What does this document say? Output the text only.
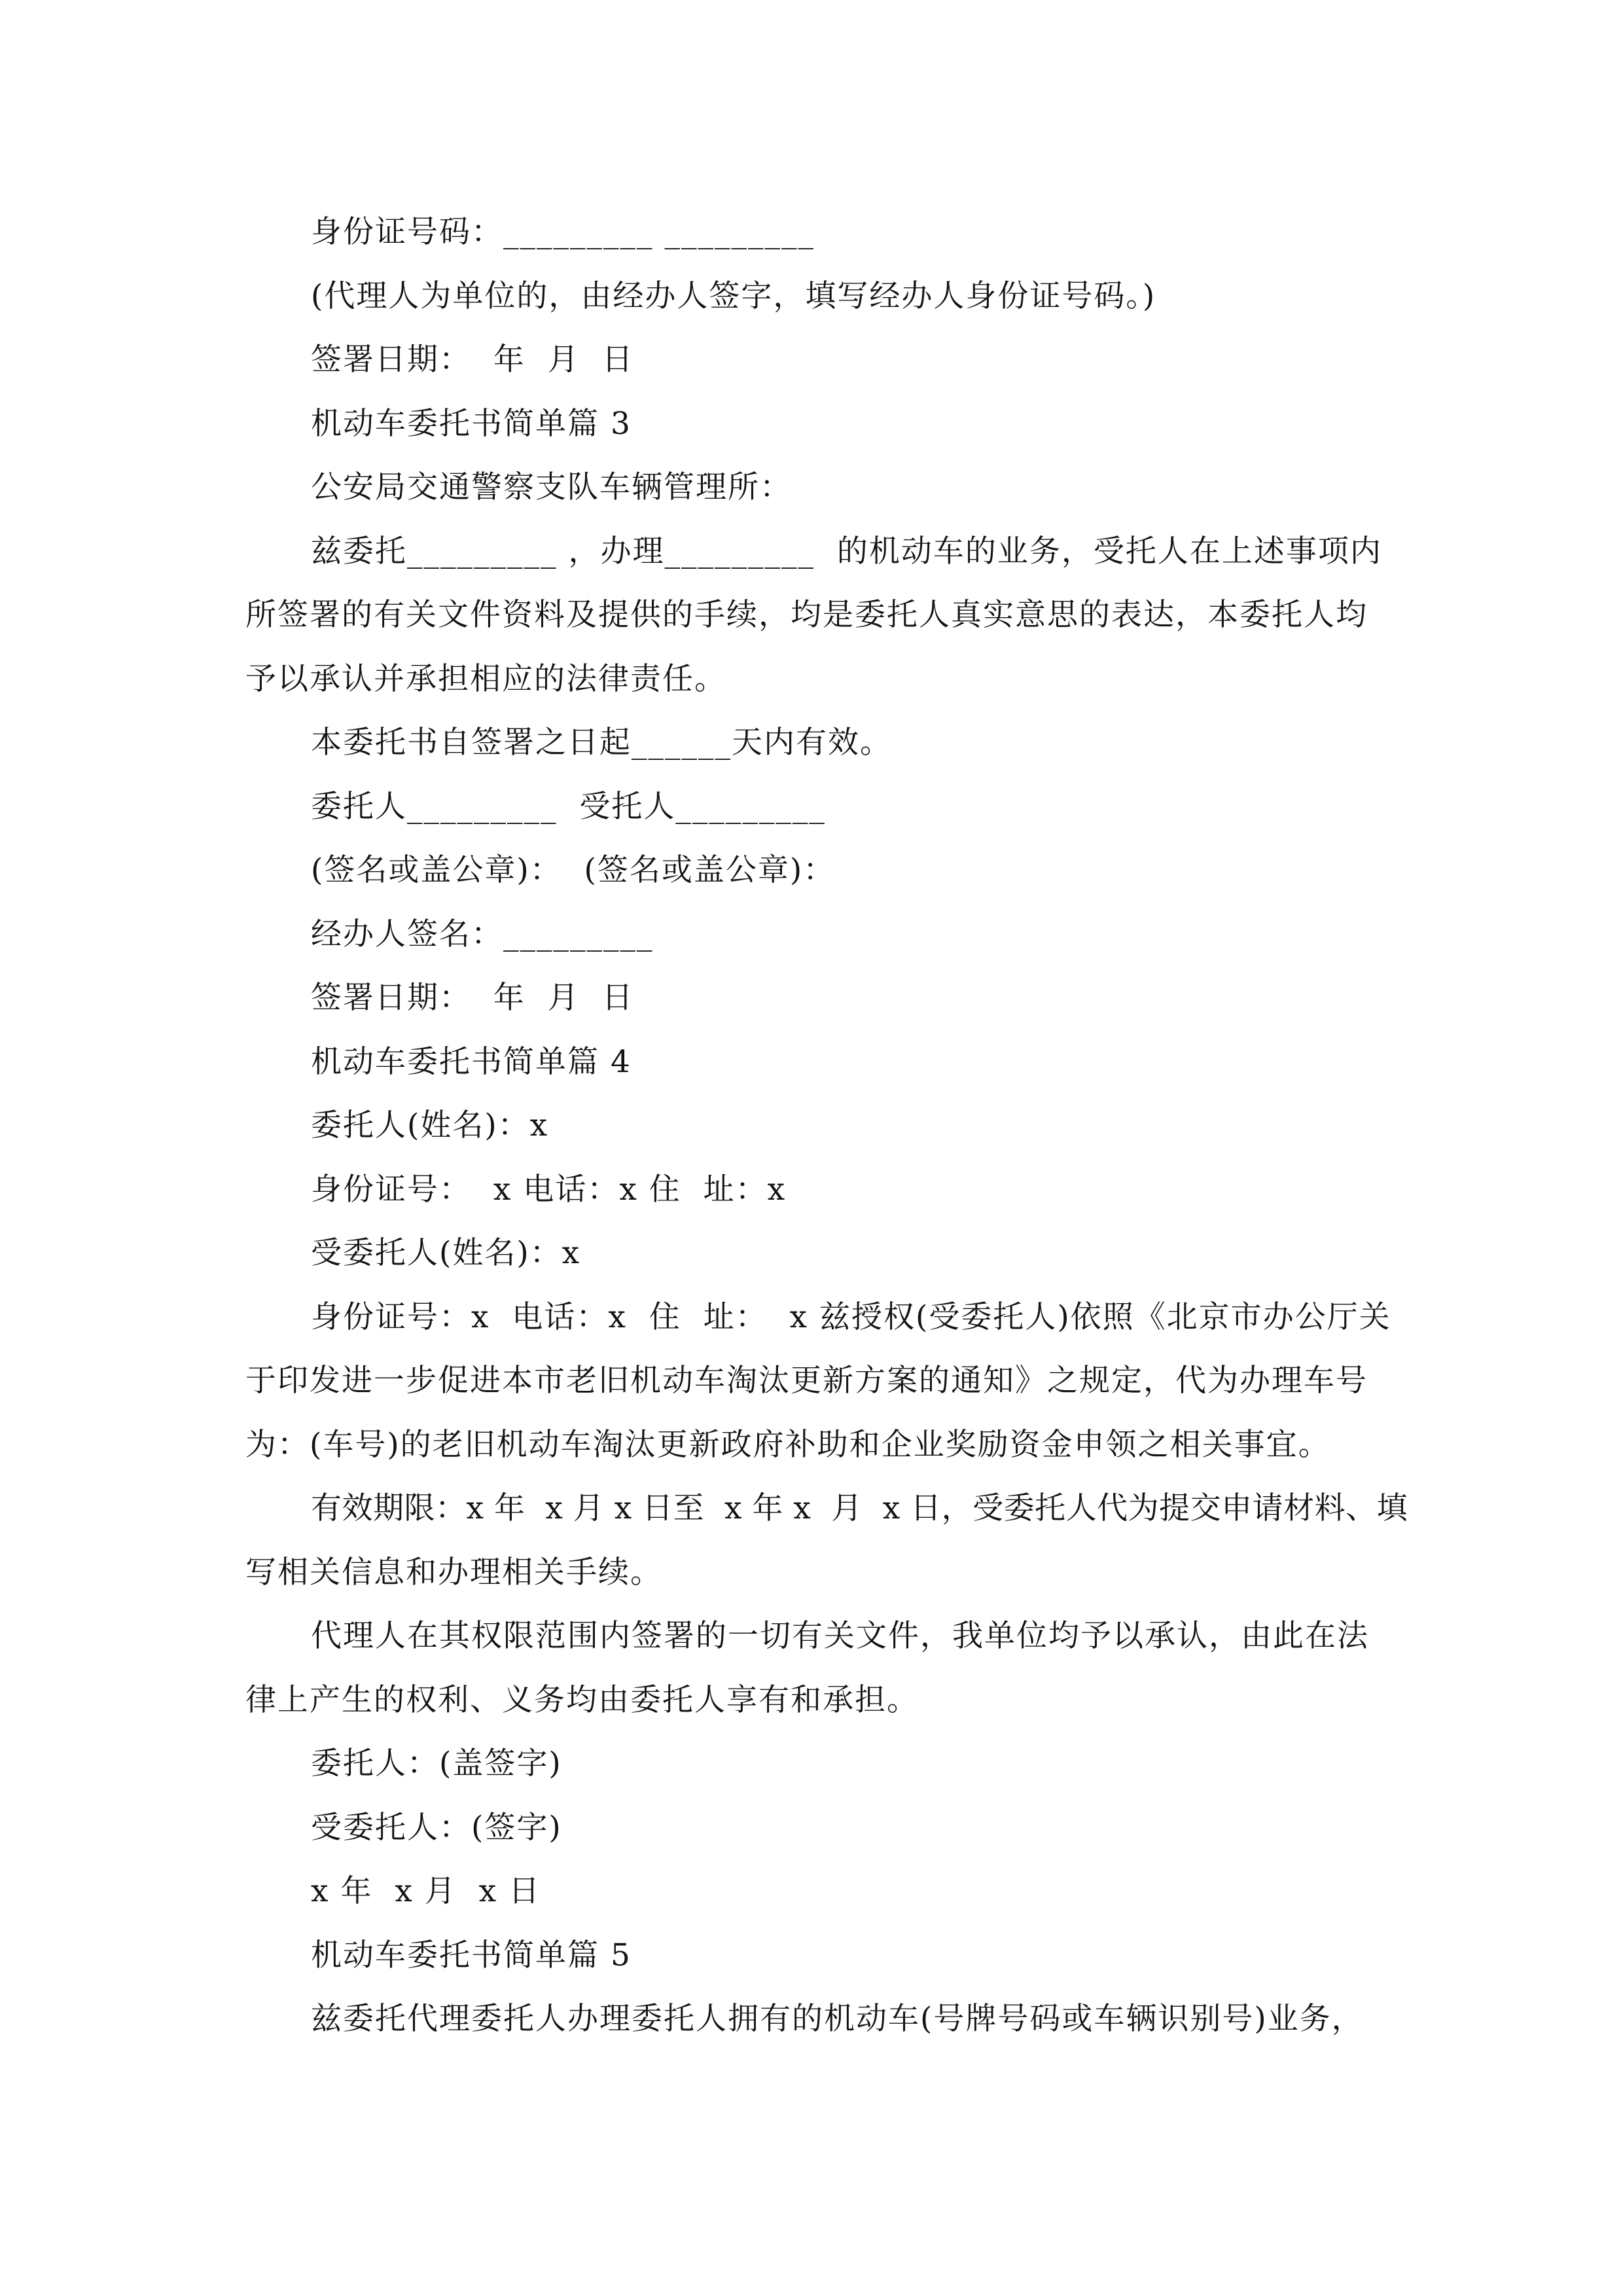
身份证号码：_________ _________
(代理人为单位的，由经办人签字，填写经办人身份证号码。)
签署日期：  年  月  日
机动车委托书简单篇 3
公安局交通警察支队车辆管理所：
兹委托_________ ，办理_________  的机动车的业务，受托人在上述事项内
所签署的有关文件资料及提供的手续，均是委托人真实意思的表达，本委托人均
予以承认并承担相应的法律责任。
本委托书自签署之日起______天内有效。
委托人_________  受托人_________
(签名或盖公章)：  (签名或盖公章)：
经办人签名：_________
签署日期：  年  月  日
机动车委托书简单篇 4
委托人(姓名)：x
身份证号：  x 电话：x 住  址：x
受委托人(姓名)：x
身份证号：x  电话：x  住  址：  x 兹授权(受委托人)依照《北京市办公厅关
于印发进一步促进本市老旧机动车淘汰更新方案的通知》之规定，代为办理车号
为：(车号)的老旧机动车淘汰更新政府补助和企业奖励资金申领之相关事宜。
有效期限：x 年  x 月 x 日至  x 年 x  月  x 日，受委托人代为提交申请材料、填
写相关信息和办理相关手续。
代理人在其权限范围内签署的一切有关文件，我单位均予以承认，由此在法
律上产生的权利、义务均由委托人享有和承担。
委托人：(盖签字)
受委托人：(签字)
x 年  x 月  x 日
机动车委托书简单篇 5
兹委托代理委托人办理委托人拥有的机动车(号牌号码或车辆识别号)业务，
